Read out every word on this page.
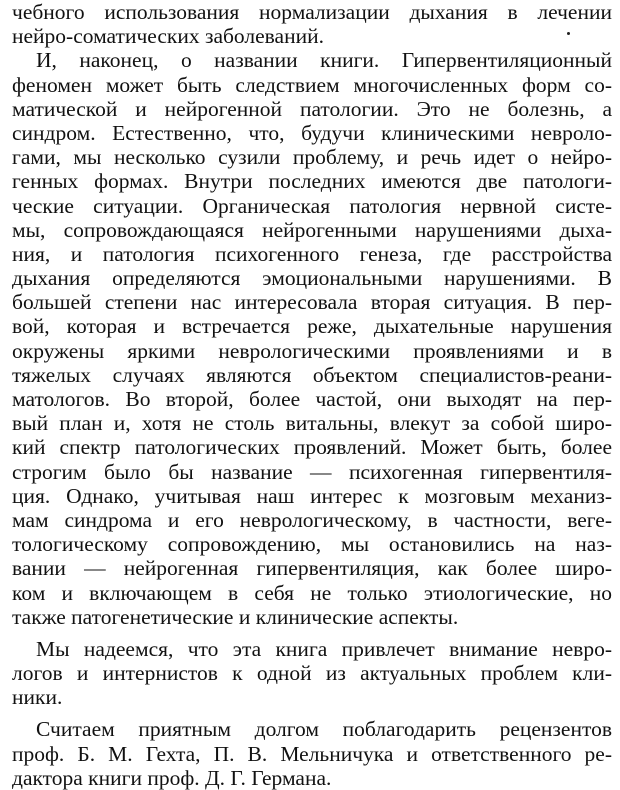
чебного использования нормализации дыхания в лечении
нейро-соматических заболеваний.
И, наконец, о названии книги. Гипервентиляционный
феномен может быть следствием многочисленных форм со-
матической и нейрогенной патологии. Это не болезнь, а
синдром. Естественно, что, будучи клиническими невроло-
гами, мы несколько сузили проблему, и речь идет о нейро-
генных формах. Внутри последних имеются две патологи-
ческие ситуации. Органическая патология нервной систе-
мы, сопровождающаяся нейрогенными нарушениями дыха-
ния, и патология психогенного генеза, где расстройства
дыхания определяются эмоциональными нарушениями. В
большей степени нас интересовала вторая ситуация. В пер-
вой, которая и встречается реже, дыхательные нарушения
окружены яркими неврологическими проявлениями и в
тяжелых случаях являются объектом специалистов-реани-
матологов. Во второй, более частой, они выходят на пер-
вый план и, хотя не столь витальны, влекут за собой широ-
кий спектр патологических проявлений. Может быть, более
строгим было бы название — психогенная гипервентиля-
ция. Однако, учитывая наш интерес к мозговым механиз-
мам синдрома и его неврологическому, в частности, веге-
тологическому сопровождению, мы остановились на наз-
вании — нейрогенная гипервентиляция, как более широ-
ком и включающем в себя не только этиологические, но
также патогенетические и клинические аспекты.
Мы надеемся, что эта книга привлечет внимание невро-
логов и интернистов к одной из актуальных проблем кли-
ники.
Считаем приятным долгом поблагодарить рецензентов
проф. Б. М. Гехта, П. В. Мельничука и ответственного ре-
дактора книги проф. Д. Г. Германа.
